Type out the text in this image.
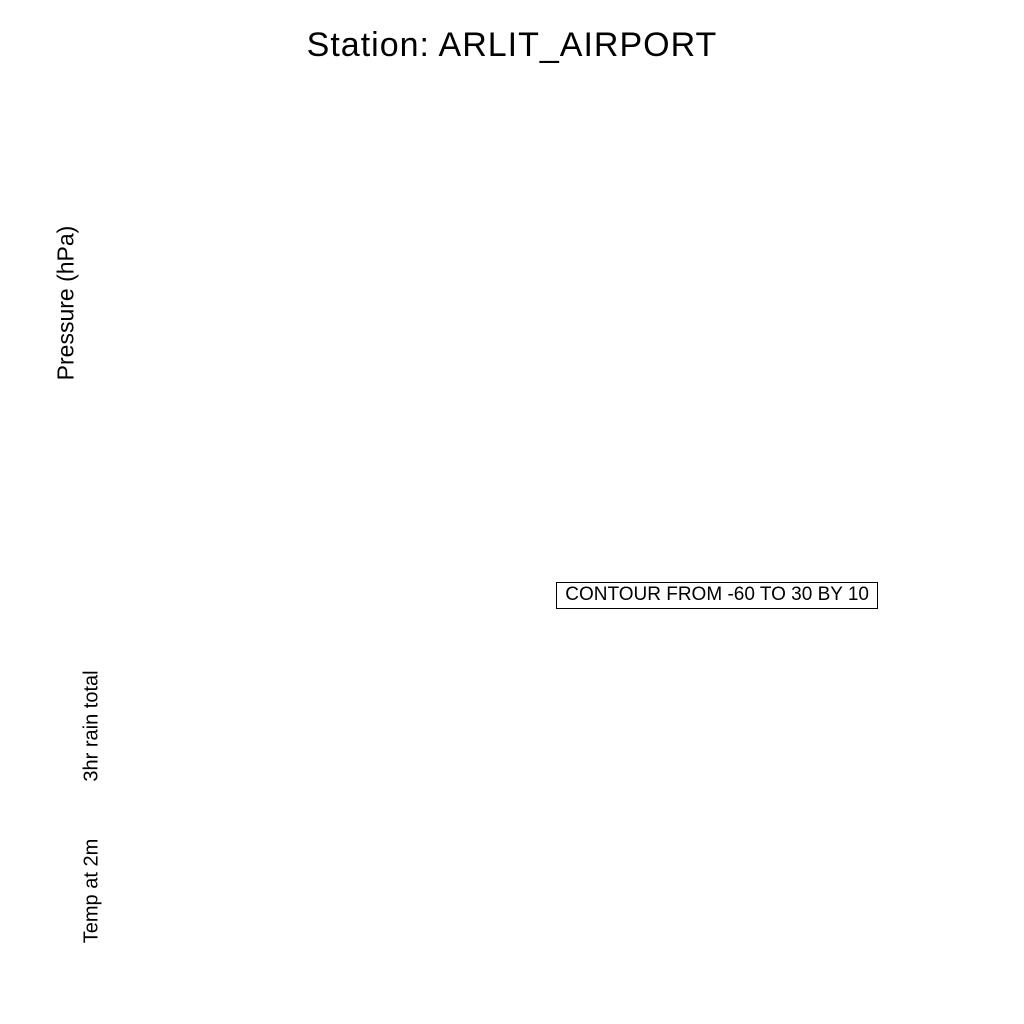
Station: ARLIT_AIRPORT
Pressure (hPa)
3hr rain total
Temp at 2m
CONTOUR FROM -60 TO 30 BY 10
